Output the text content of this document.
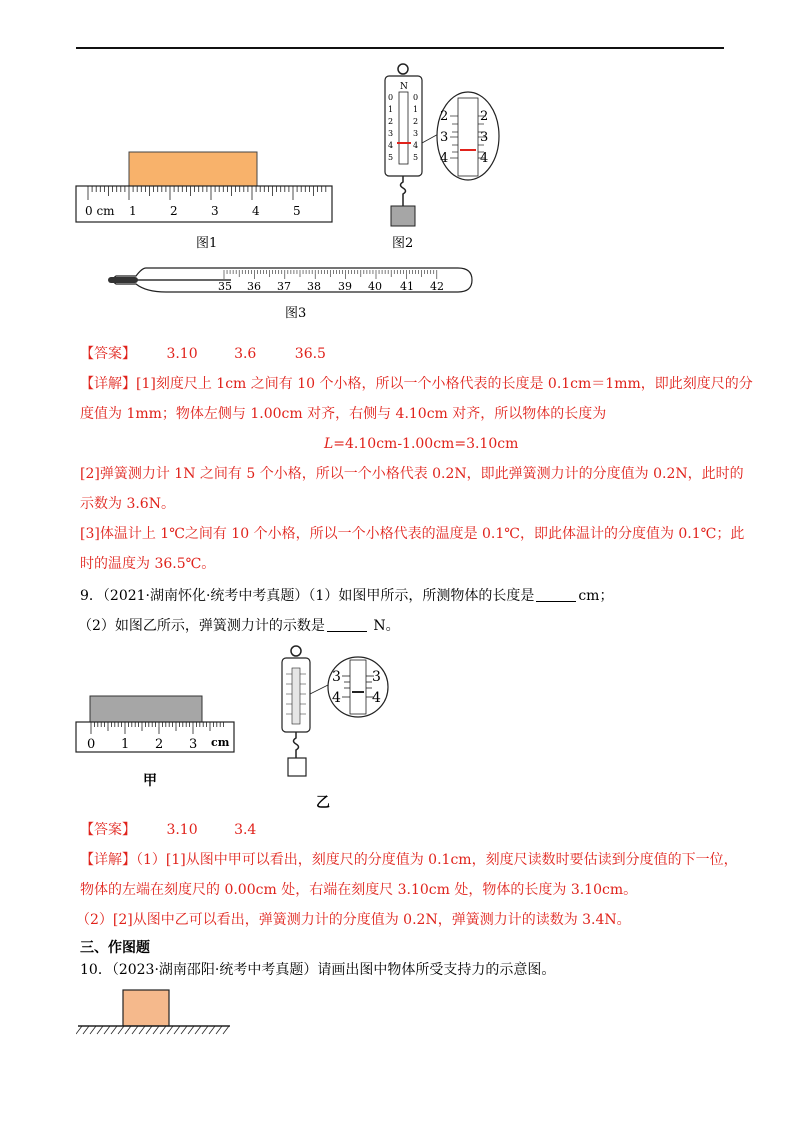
0 cm 1	2	3	4	5
图1
N
0
1
2
3
4
5
0
1
2
3
4
5
2
3
4
2
3
4
图2
35 36 37 38 39 40 41 42
图3
【答案】 3.10	3.6	36.5
【详解】[1]刻度尺上 1cm 之间有 10 个小格，所以一个小格代表的长度是 0.1cm＝1mm，即此刻度尺的分
度值为 1mm；物体左侧与 1.00cm 对齐，右侧与 4.10cm 对齐，所以物体的长度为
L=4.10cm-1.00cm=3.10cm
[2]弹簧测力计 1N 之间有 5 个小格，所以一个小格代表 0.2N，即此弹簧测力计的分度值为 0.2N，此时的
示数为 3.6N。
[3]体温计上 1℃之间有 10 个小格，所以一个小格代表的温度是 0.1℃，即此体温计的分度值为 0.1℃；此
时的温度为 36.5℃。
9．（2021·湖南怀化·统考中考真题）（1）如图甲所示，所测物体的长度是	cm；
（2）如图乙所示，弹簧测力计的示数是	N。
0 1 2 3 cm
甲
3
4
3
4
乙
【答案】 3.10	3.4
【详解】（1）[1]从图中甲可以看出，刻度尺的分度值为 0.1cm，刻度尺读数时要估读到分度值的下一位，
物体的左端在刻度尺的 0.00cm 处，右端在刻度尺 3.10cm 处，物体的长度为 3.10cm。
（2）[2]从图中乙可以看出，弹簧测力计的分度值为 0.2N，弹簧测力计的读数为 3.4N。
三、作图题
10．（2023·湖南邵阳·统考中考真题）请画出图中物体所受支持力的示意图。
